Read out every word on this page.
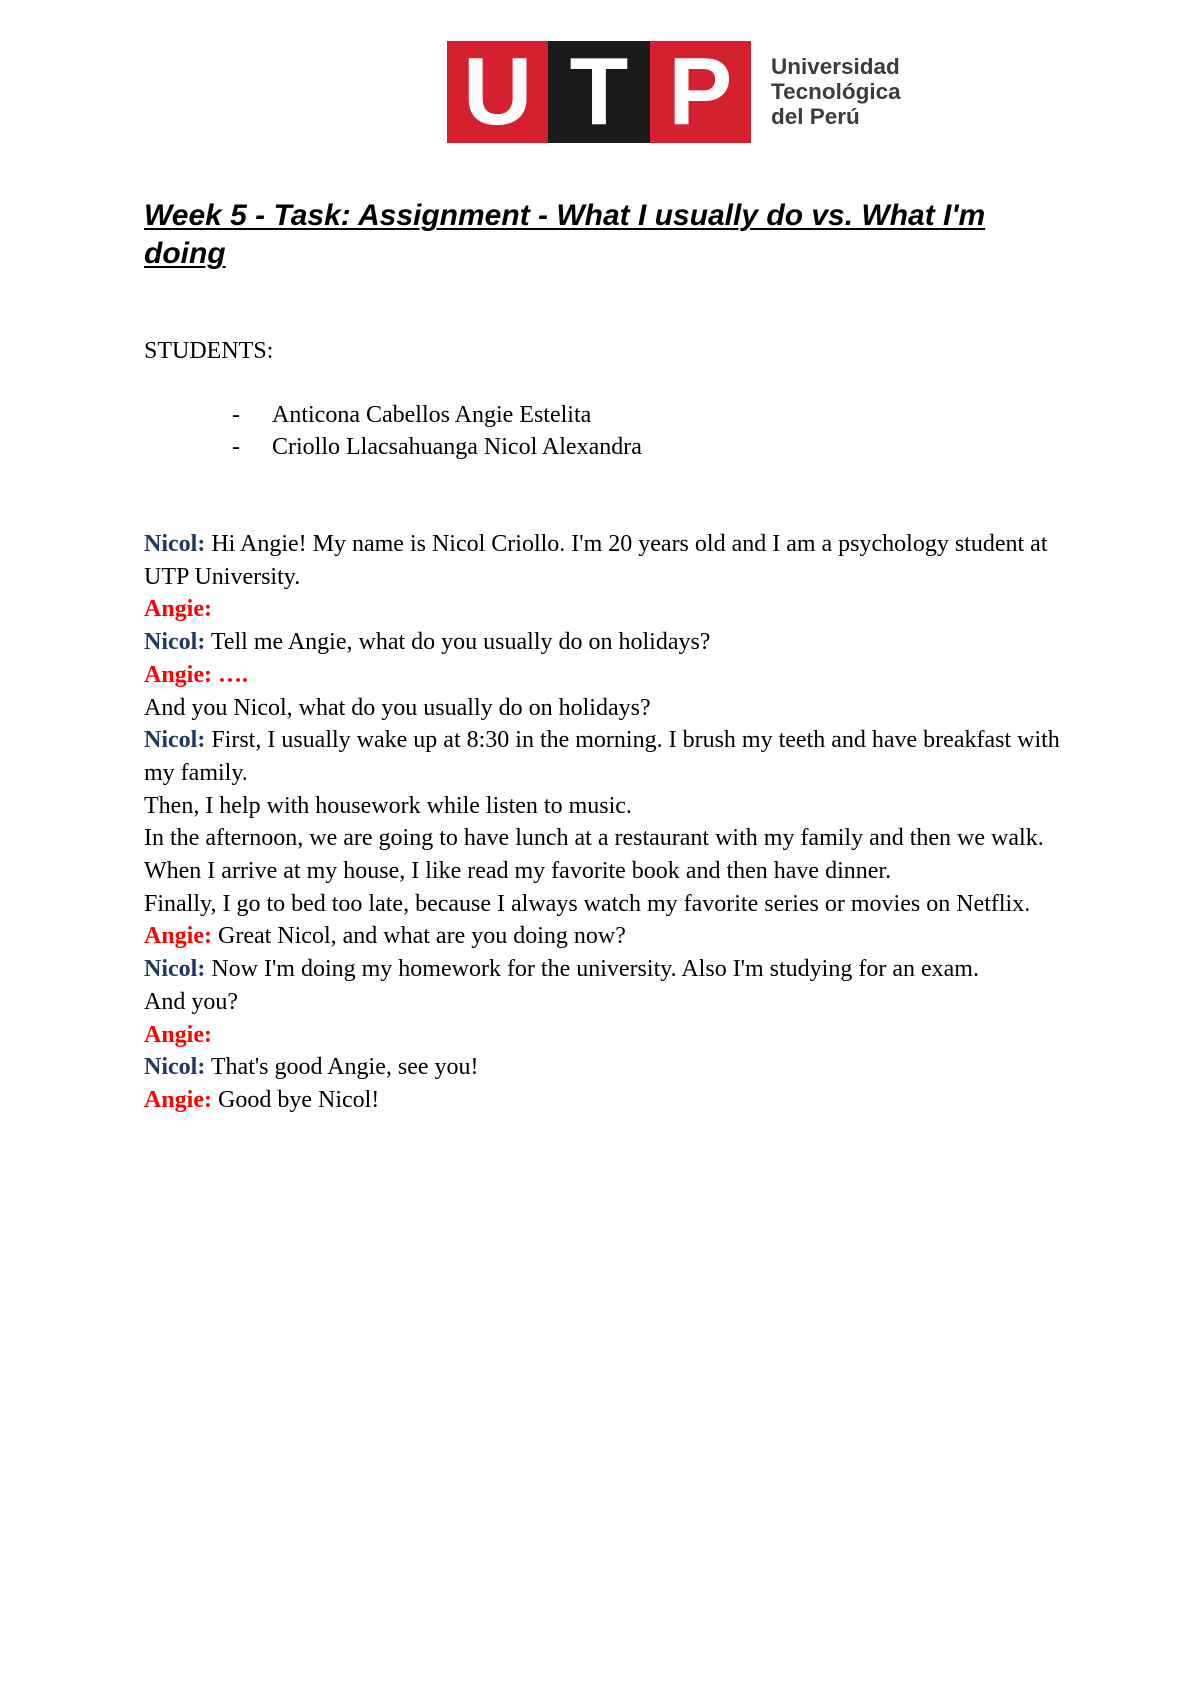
U T P	Universidad
Tecnológica
del Perú
Week 5 - Task: Assignment - What I usually do vs. What I'm doing
STUDENTS:
- Anticona Cabellos Angie Estelita
- Criollo Llacsahuanga Nicol Alexandra

Nicol: Hi Angie! My name is Nicol Criollo. I'm 20 years old and I am a psychology student at UTP University.

Angie:

Nicol: Tell me Angie, what do you usually do on holidays?

Angie: ….

And you Nicol, what do you usually do on holidays?

Nicol: First, I usually wake up at 8:30 in the morning. I brush my teeth and have breakfast with my family.

Then, I help with housework while listen to music.

In the afternoon, we are going to have lunch at a restaurant with my family and then we walk.

When I arrive at my house, I like read my favorite book and then have dinner.

Finally, I go to bed too late, because I always watch my favorite series or movies on Netflix.

Angie: Great Nicol, and what are you doing now?

Nicol: Now I'm doing my homework for the university. Also I'm studying for an exam.

And you?

Angie:

Nicol: That's good Angie, see you!

Angie: Good bye Nicol!
